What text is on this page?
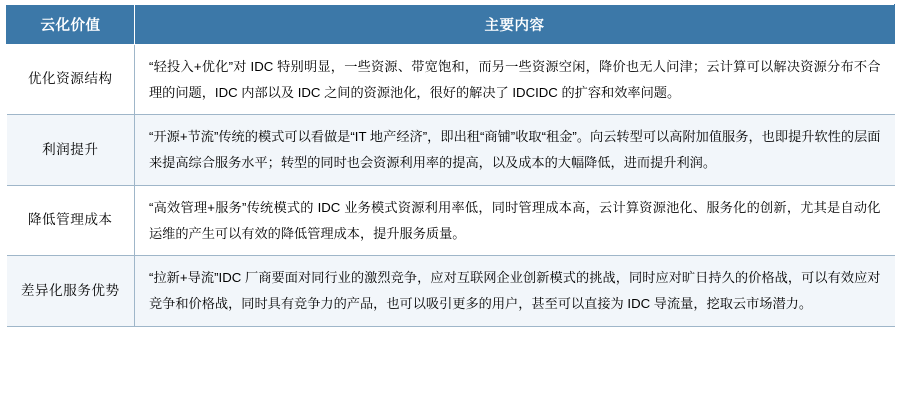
云化价值	主要内容
优化资源结构	“轻投入+优化”对 IDC 特别明显，一些资源、带宽饱和，而另一些资源空闲，降价也无人问津；云计算可以解决资源分布不合理的问题，IDC 内部以及 IDC 之间的资源池化，很好的解决了 IDCIDC 的扩容和效率问题。
利润提升	“开源+节流”传统的模式可以看做是“IT 地产经济”，即出租“商铺”收取“租金”。向云转型可以高附加值服务，也即提升软性的层面来提高综合服务水平；转型的同时也会资源利用率的提高，以及成本的大幅降低，进而提升利润。
降低管理成本	“高效管理+服务”传统模式的 IDC 业务模式资源利用率低，同时管理成本高，云计算资源池化、服务化的创新，尤其是自动化运维的产生可以有效的降低管理成本，提升服务质量。
差异化服务优势	“拉新+导流”IDC 厂商要面对同行业的激烈竞争，应对互联网企业创新模式的挑战，同时应对旷日持久的价格战，可以有效应对竞争和价格战，同时具有竞争力的产品，也可以吸引更多的用户，甚至可以直接为 IDC 导流量，挖取云市场潜力。
